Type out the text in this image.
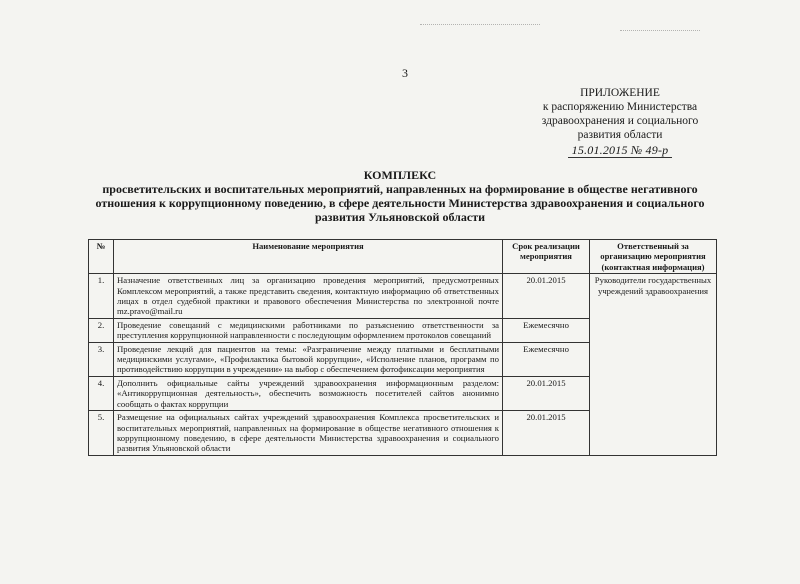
3
ПРИЛОЖЕНИЕ
к распоряжению Министерства
здравоохранения и социального
развития области
15.01.2015 № 49-р
КОМПЛЕКС
просветительских и воспитательных мероприятий, направленных на формирование в обществе негативного
отношения к коррупционному поведению, в сфере деятельности Министерства здравоохранения и социального
развития Ульяновской области
№	Наименование мероприятия	Срок реализации мероприятия	Ответственный за организацию мероприятия (контактная информация)
1.	Назначение ответственных лиц за организацию проведения мероприятий, предусмотренных Комплексом мероприятий, а также представить сведения, контактную информацию об ответственных лицах в отдел судебной практики и правового обеспечения Министерства по электронной почте mz.pravo@mail.ru	20.01.2015	Руководители государственных учреждений здравоохранения
2.	Проведение совещаний с медицинскими работниками по разъяснению ответственности за преступления коррупционной направленности с последующим оформлением протоколов совещаний	Ежемесячно	
3.	Проведение лекций для пациентов на темы: «Разграничение между платными и бесплатными медицинскими услугами», «Профилактика бытовой коррупции», «Исполнение планов, программ по противодействию коррупции в учреждении» на выбор с обеспечением фотофиксации мероприятия	Ежемесячно	
4.	Дополнить официальные сайты учреждений здравоохранения информационным разделом: «Антикоррупционная деятельность», обеспечить возможность посетителей сайтов анонимно сообщать о фактах коррупции	20.01.2015	
5.	Размещение на официальных сайтах учреждений здравоохранения Комплекса просветительских и воспитательных мероприятий, направленных на формирование в обществе негативного отношения к коррупционному поведению, в сфере деятельности Министерства здравоохранения и социального развития Ульяновской области	20.01.2015	
